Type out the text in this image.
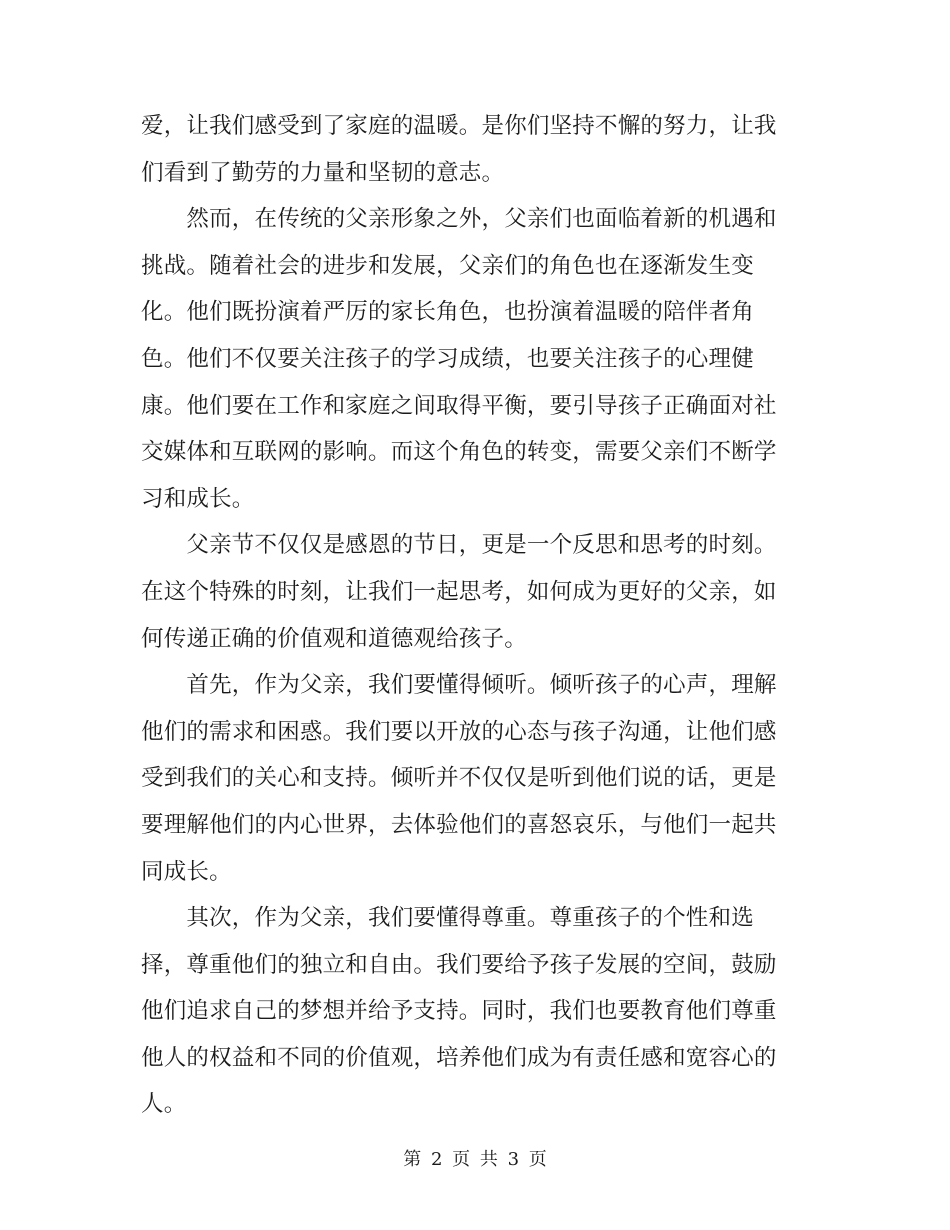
爱，让我们感受到了家庭的温暖。是你们坚持不懈的努力，让我
们看到了勤劳的力量和坚韧的意志。
　　然而，在传统的父亲形象之外，父亲们也面临着新的机遇和
挑战。随着社会的进步和发展，父亲们的角色也在逐渐发生变
化。他们既扮演着严厉的家长角色，也扮演着温暖的陪伴者角
色。他们不仅要关注孩子的学习成绩，也要关注孩子的心理健
康。他们要在工作和家庭之间取得平衡，要引导孩子正确面对社
交媒体和互联网的影响。而这个角色的转变，需要父亲们不断学
习和成长。
　　父亲节不仅仅是感恩的节日，更是一个反思和思考的时刻。
在这个特殊的时刻，让我们一起思考，如何成为更好的父亲，如
何传递正确的价值观和道德观给孩子。
　　首先，作为父亲，我们要懂得倾听。倾听孩子的心声，理解
他们的需求和困惑。我们要以开放的心态与孩子沟通，让他们感
受到我们的关心和支持。倾听并不仅仅是听到他们说的话，更是
要理解他们的内心世界，去体验他们的喜怒哀乐，与他们一起共
同成长。
　　其次，作为父亲，我们要懂得尊重。尊重孩子的个性和选
择，尊重他们的独立和自由。我们要给予孩子发展的空间，鼓励
他们追求自己的梦想并给予支持。同时，我们也要教育他们尊重
他人的权益和不同的价值观，培养他们成为有责任感和宽容心的
人。
第 2 页 共 3 页
